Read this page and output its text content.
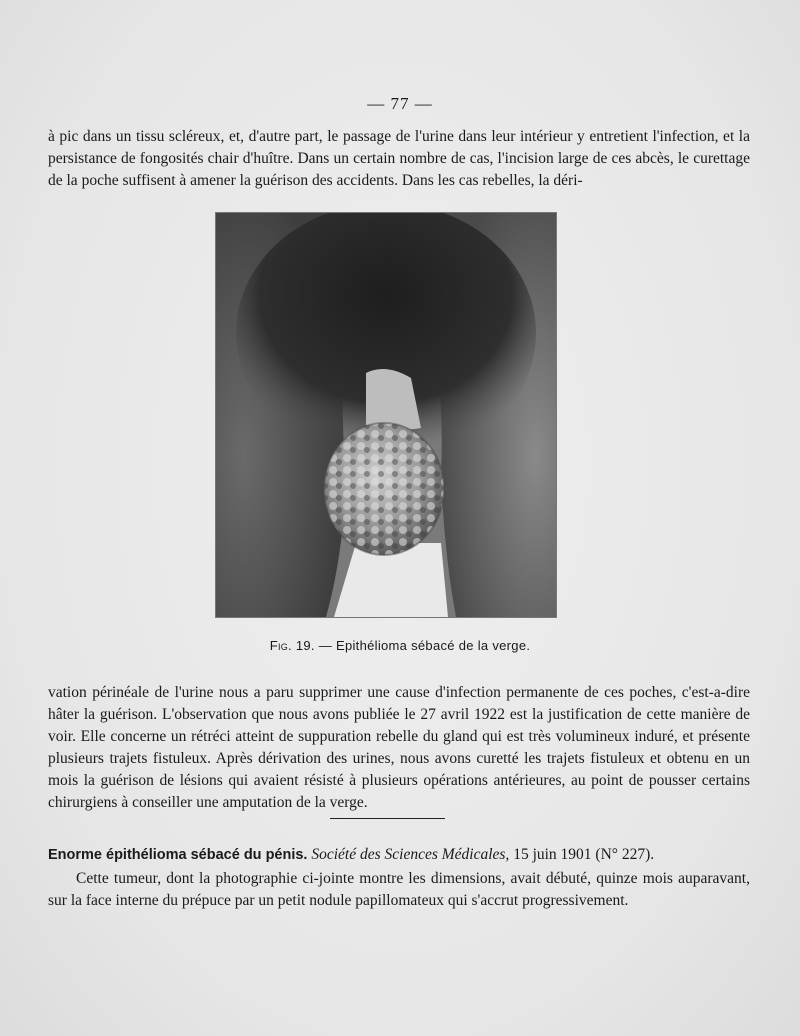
— 77 —

à pic dans un tissu scléreux, et, d'autre part, le passage de l'urine dans leur intérieur y entretient l'infection, et la persistance de fongosités chair d'huître. Dans un certain nombre de cas, l'incision large de ces abcès, le curettage de la poche suffisent à amener la guérison des accidents. Dans les cas rebelles, la déri-

Fig. 19. — Epithélioma sébacé de la verge.

vation périnéale de l'urine nous a paru supprimer une cause d'infection permanente de ces poches, c'est-a-dire hâter la guérison. L'observation que nous avons publiée le 27 avril 1922 est la justification de cette manière de voir. Elle concerne un rétréci atteint de suppuration rebelle du gland qui est très volumineux induré, et présente plusieurs trajets fistuleux. Après dérivation des urines, nous avons curetté les trajets fistuleux et obtenu en un mois la guérison de lésions qui avaient résisté à plusieurs opérations antérieures, au point de pousser certains chirurgiens à conseiller une amputation de la verge.

Enorme épithélioma sébacé du pénis. Société des Sciences Médicales, 15 juin 1901 (N° 227).

Cette tumeur, dont la photographie ci-jointe montre les dimensions, avait débuté, quinze mois auparavant, sur la face interne du prépuce par un petit nodule papillomateux qui s'accrut progressivement.
